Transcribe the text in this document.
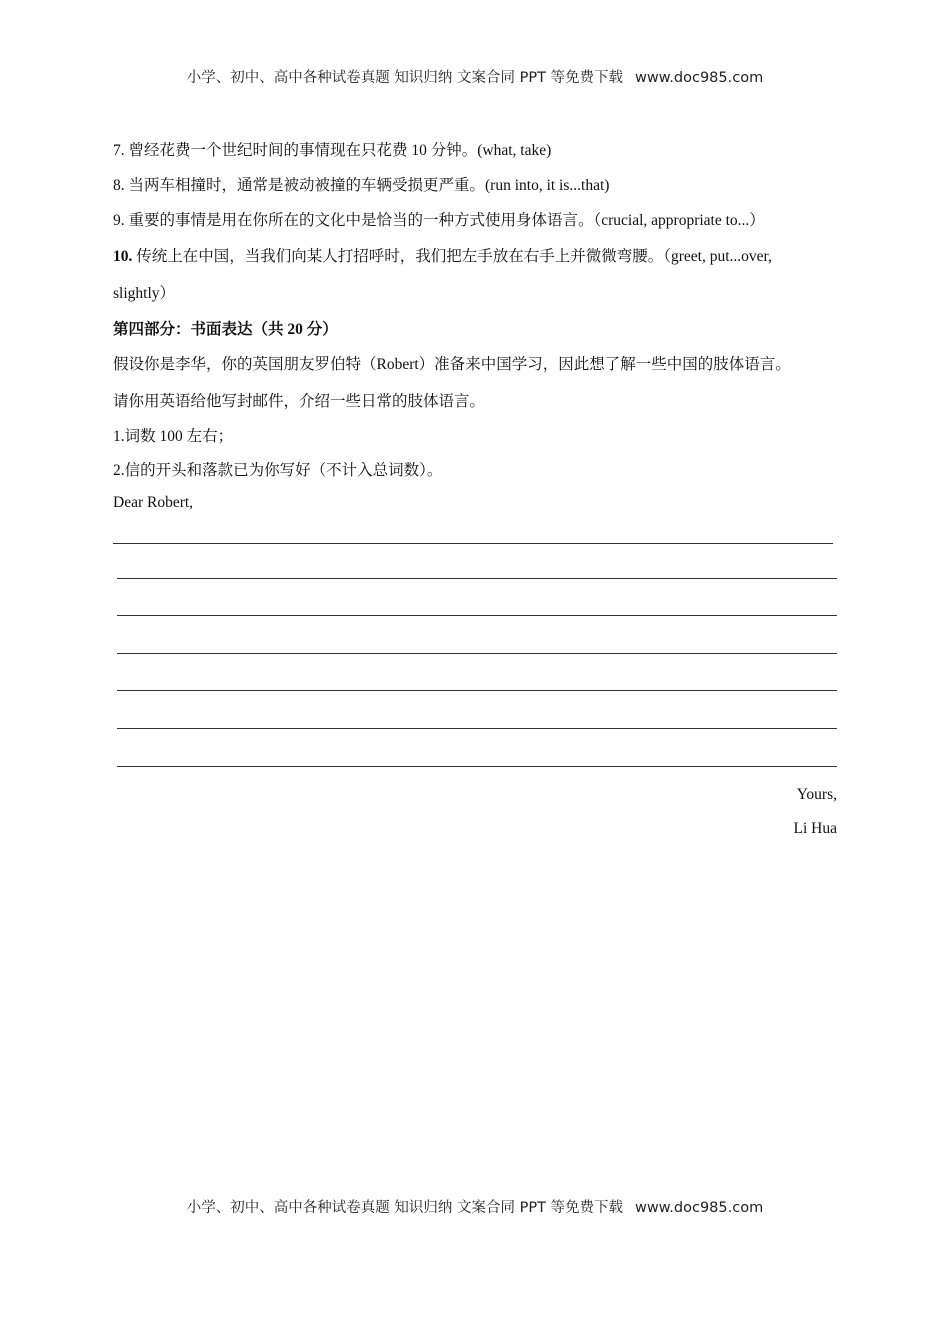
小学、初中、高中各种试卷真题 知识归纳 文案合同 PPT 等免费下载 www.doc985.com
7. 曾经花费一个世纪时间的事情现在只花费 10 分钟。(what, take)
8. 当两车相撞时，通常是被动被撞的车辆受损更严重。(run into, it is...that)
9. 重要的事情是用在你所在的文化中是恰当的一种方式使用身体语言。（crucial, appropriate to...）
10. 传统上在中国，当我们向某人打招呼时，我们把左手放在右手上并微微弯腰。（greet, put...over,
slightly）
第四部分：书面表达（共 20 分）
假设你是李华，你的英国朋友罗伯特（Robert）准备来中国学习，因此想了解一些中国的肢体语言。
请你用英语给他写封邮件，介绍一些日常的肢体语言。
1.词数 100 左右；
2.信的开头和落款已为你写好（不计入总词数）。
Dear Robert,
Yours,
Li Hua
小学、初中、高中各种试卷真题 知识归纳 文案合同 PPT 等免费下载 www.doc985.com
